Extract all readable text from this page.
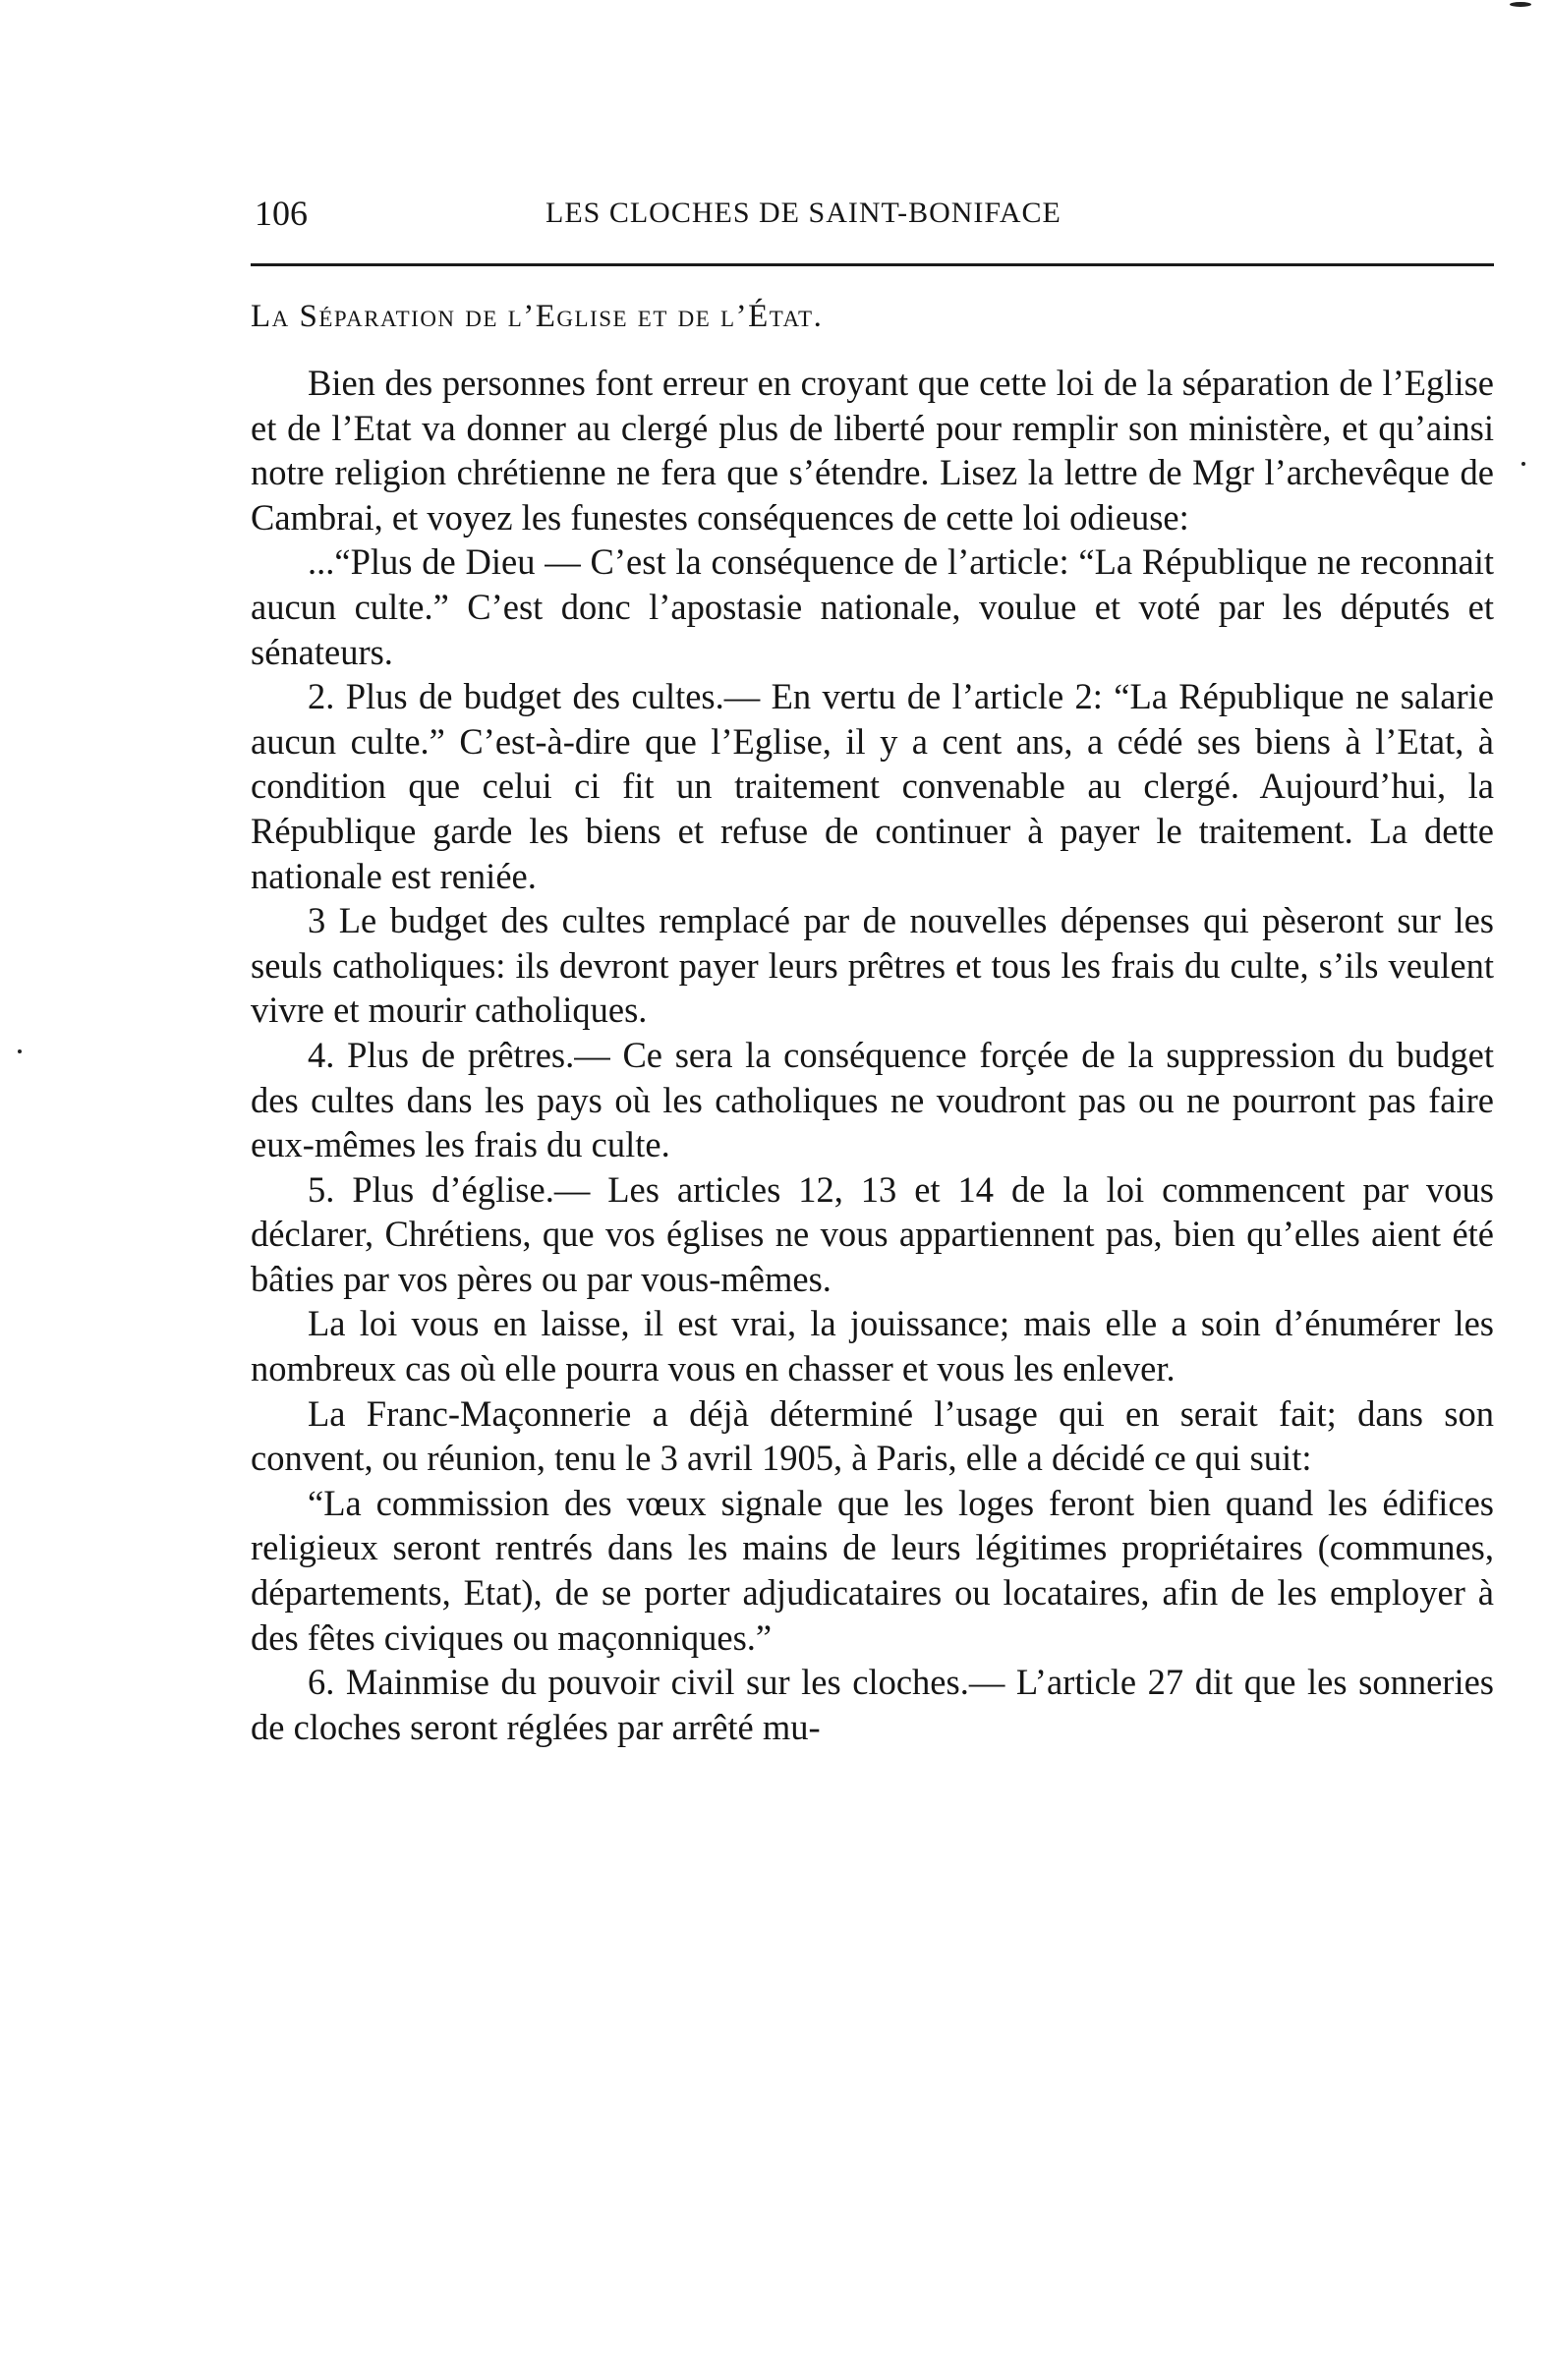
106	LES CLOCHES DE SAINT-BONIFACE
La Séparation de l’Eglise et de l’État.

Bien des personnes font erreur en croyant que cette loi de la séparation de l’Eglise et de l’Etat va donner au clergé plus de liberté pour remplir son ministère, et qu’ainsi notre religion chrétienne ne fera que s’étendre. Lisez la lettre de Mgr l’archevêque de Cambrai, et voyez les funestes conséquences de cette loi odieuse:

...“Plus de Dieu — C’est la conséquence de l’article: “La République ne reconnait aucun culte.” C’est donc l’apostasie nationale, voulue et voté par les députés et sénateurs.

2. Plus de budget des cultes.— En vertu de l’article 2: “La République ne salarie aucun culte.” C’est-à-dire que l’Eglise, il y a cent ans, a cédé ses biens à l’Etat, à condition que celui ci fit un traitement convenable au clergé. Aujourd’hui, la République garde les biens et refuse de continuer à payer le traitement. La dette nationale est reniée.

3 Le budget des cultes remplacé par de nouvelles dépenses qui pèseront sur les seuls catholiques: ils devront payer leurs prêtres et tous les frais du culte, s’ils veulent vivre et mourir catholiques.

4. Plus de prêtres.— Ce sera la conséquence forçée de la suppression du budget des cultes dans les pays où les catholiques ne voudront pas ou ne pourront pas faire eux-mêmes les frais du culte.

5. Plus d’église.— Les articles 12, 13 et 14 de la loi commencent par vous déclarer, Chrétiens, que vos églises ne vous appartiennent pas, bien qu’elles aient été bâties par vos pères ou par vous-mêmes.

La loi vous en laisse, il est vrai, la jouissance; mais elle a soin d’énumérer les nombreux cas où elle pourra vous en chasser et vous les enlever.

La Franc-Maçonnerie a déjà déterminé l’usage qui en serait fait; dans son convent, ou réunion, tenu le 3 avril 1905, à Paris, elle a décidé ce qui suit:

“La commission des vœux signale que les loges feront bien quand les édifices religieux seront rentrés dans les mains de leurs légitimes propriétaires (communes, départements, Etat), de se porter adjudicataires ou locataires, afin de les employer à des fêtes civiques ou maçonniques.”

6. Mainmise du pouvoir civil sur les cloches.— L’article 27 dit que les sonneries de cloches seront réglées par arrêté mu-
